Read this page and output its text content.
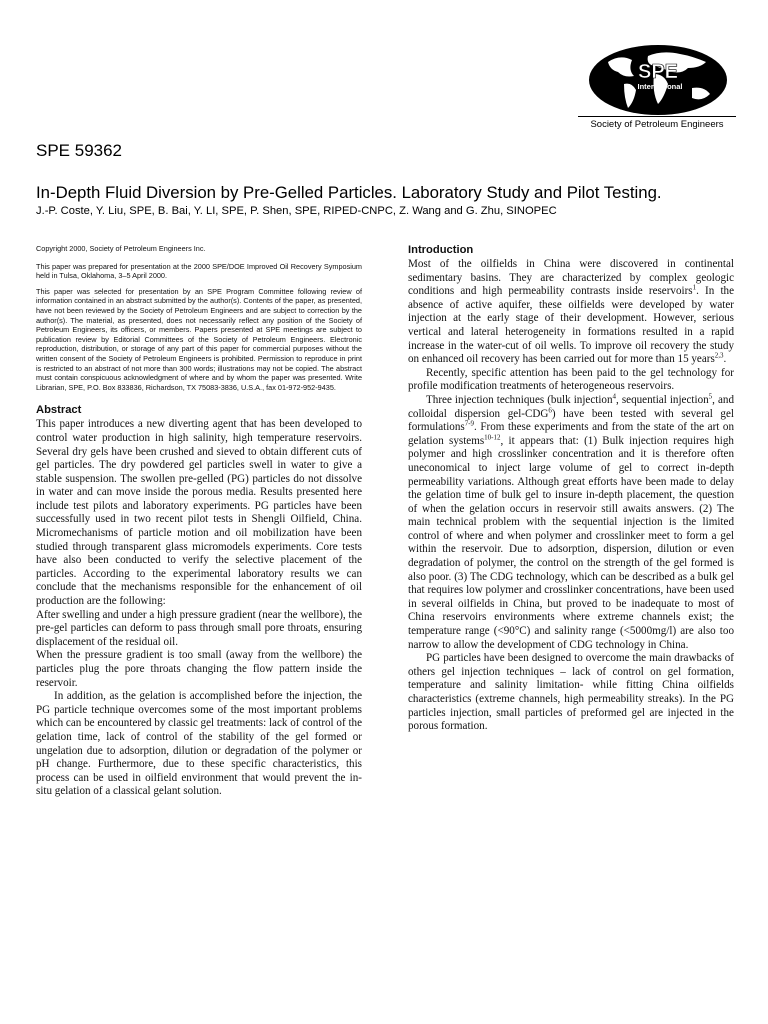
SPE
International
Society of Petroleum Engineers
SPE 59362
In-Depth Fluid Diversion by Pre-Gelled Particles. Laboratory Study and Pilot Testing.
J.-P. Coste, Y. Liu, SPE, B. Bai, Y. LI, SPE, P. Shen, SPE, RIPED-CNPC, Z. Wang and G. Zhu, SINOPEC

Copyright 2000, Society of Petroleum Engineers Inc.

This paper was prepared for presentation at the 2000 SPE/DOE Improved Oil Recovery Symposium held in Tulsa, Oklahoma, 3–5 April 2000.

This paper was selected for presentation by an SPE Program Committee following review of information contained in an abstract submitted by the author(s). Contents of the paper, as presented, have not been reviewed by the Society of Petroleum Engineers and are subject to correction by the author(s). The material, as presented, does not necessarily reflect any position of the Society of Petroleum Engineers, its officers, or members. Papers presented at SPE meetings are subject to publication review by Editorial Committees of the Society of Petroleum Engineers. Electronic reproduction, distribution, or storage of any part of this paper for commercial purposes without the written consent of the Society of Petroleum Engineers is prohibited. Permission to reproduce in print is restricted to an abstract of not more than 300 words; illustrations may not be copied. The abstract must contain conspicuous acknowledgment of where and by whom the paper was presented. Write Librarian, SPE, P.O. Box 833836, Richardson, TX 75083-3836, U.S.A., fax 01-972-952-9435.

Abstract

This paper introduces a new diverting agent that has been developed to control water production in high salinity, high temperature reservoirs. Several dry gels have been crushed and sieved to obtain different cuts of gel particles. The dry powdered gel particles swell in water to give a stable suspension. The swollen pre-gelled (PG) particles do not dissolve in water and can move inside the porous media. Results presented here include test pilots and laboratory experiments. PG particles have been successfully used in two recent pilot tests in Shengli Oilfield, China. Micromechanisms of particle motion and oil mobilization have been studied through transparent glass micromodels experiments. Core tests have also been conducted to verify the selective placement of the particles. According to the experimental laboratory results we can conclude that the mechanisms responsible for the enhancement of oil production are the following:

After swelling and under a high pressure gradient (near the wellbore), the pre-gel particles can deform to pass through small pore throats, ensuring displacement of the residual oil.

When the pressure gradient is too small (away from the wellbore) the particles plug the pore throats changing the flow pattern inside the reservoir.

In addition, as the gelation is accomplished before the injection, the PG particle technique overcomes some of the most important problems which can be encountered by classic gel treatments: lack of control of the gelation time, lack of control of the stability of the gel formed or ungelation due to adsorption, dilution or degradation of the polymer or pH change. Furthermore, due to these specific characteristics, this process can be used in oilfield environment that would prevent the in-situ gelation of a classical gelant solution.

Introduction

Most of the oilfields in China were discovered in continental sedimentary basins. They are characterized by complex geologic conditions and high permeability contrasts inside reservoirs$^1$. In the absence of active aquifer, these oilfields were developed by water injection at the early stage of their development. However, serious vertical and lateral heterogeneity in formations resulted in a rapid increase in the water-cut of oil wells. To improve oil recovery the study on enhanced oil recovery has been carried out for more than 15 years$^{2,3}$.

Recently, specific attention has been paid to the gel technology for profile modification treatments of heterogeneous reservoirs.

Three injection techniques (bulk injection$^4$, sequential injection$^5$, and colloidal dispersion gel-CDG$^6$) have been tested with several gel formulations$^{7-9}$. From these experiments and from the state of the art on gelation systems$^{10-12}$, it appears that: (1) Bulk injection requires high polymer and high crosslinker concentration and it is therefore often uneconomical to inject large volume of gel to correct in-depth permeability variations. Although great efforts have been made to delay the gelation time of bulk gel to insure in-depth placement, the question of when the gelation occurs in reservoir still awaits answers. (2) The main technical problem with the sequential injection is the limited control of where and when polymer and crosslinker meet to form a gel within the reservoir. Due to adsorption, dispersion, dilution or even degradation of polymer, the control on the strength of the gel formed is also poor. (3) The CDG technology, which can be described as a bulk gel that requires low polymer and crosslinker concentrations, have been used in several oilfields in China, but proved to be inadequate to most of China reservoirs environments where extreme channels exist; the temperature range (<90°C) and salinity range (<5000mg/l) are also too narrow to allow the development of CDG technology in China.

PG particles have been designed to overcome the main drawbacks of others gel injection techniques – lack of control on gel formation, temperature and salinity limitation- while fitting China oilfields characteristics (extreme channels, high permeability streaks). In the PG particles injection, small particles of preformed gel are injected in the porous formation.
